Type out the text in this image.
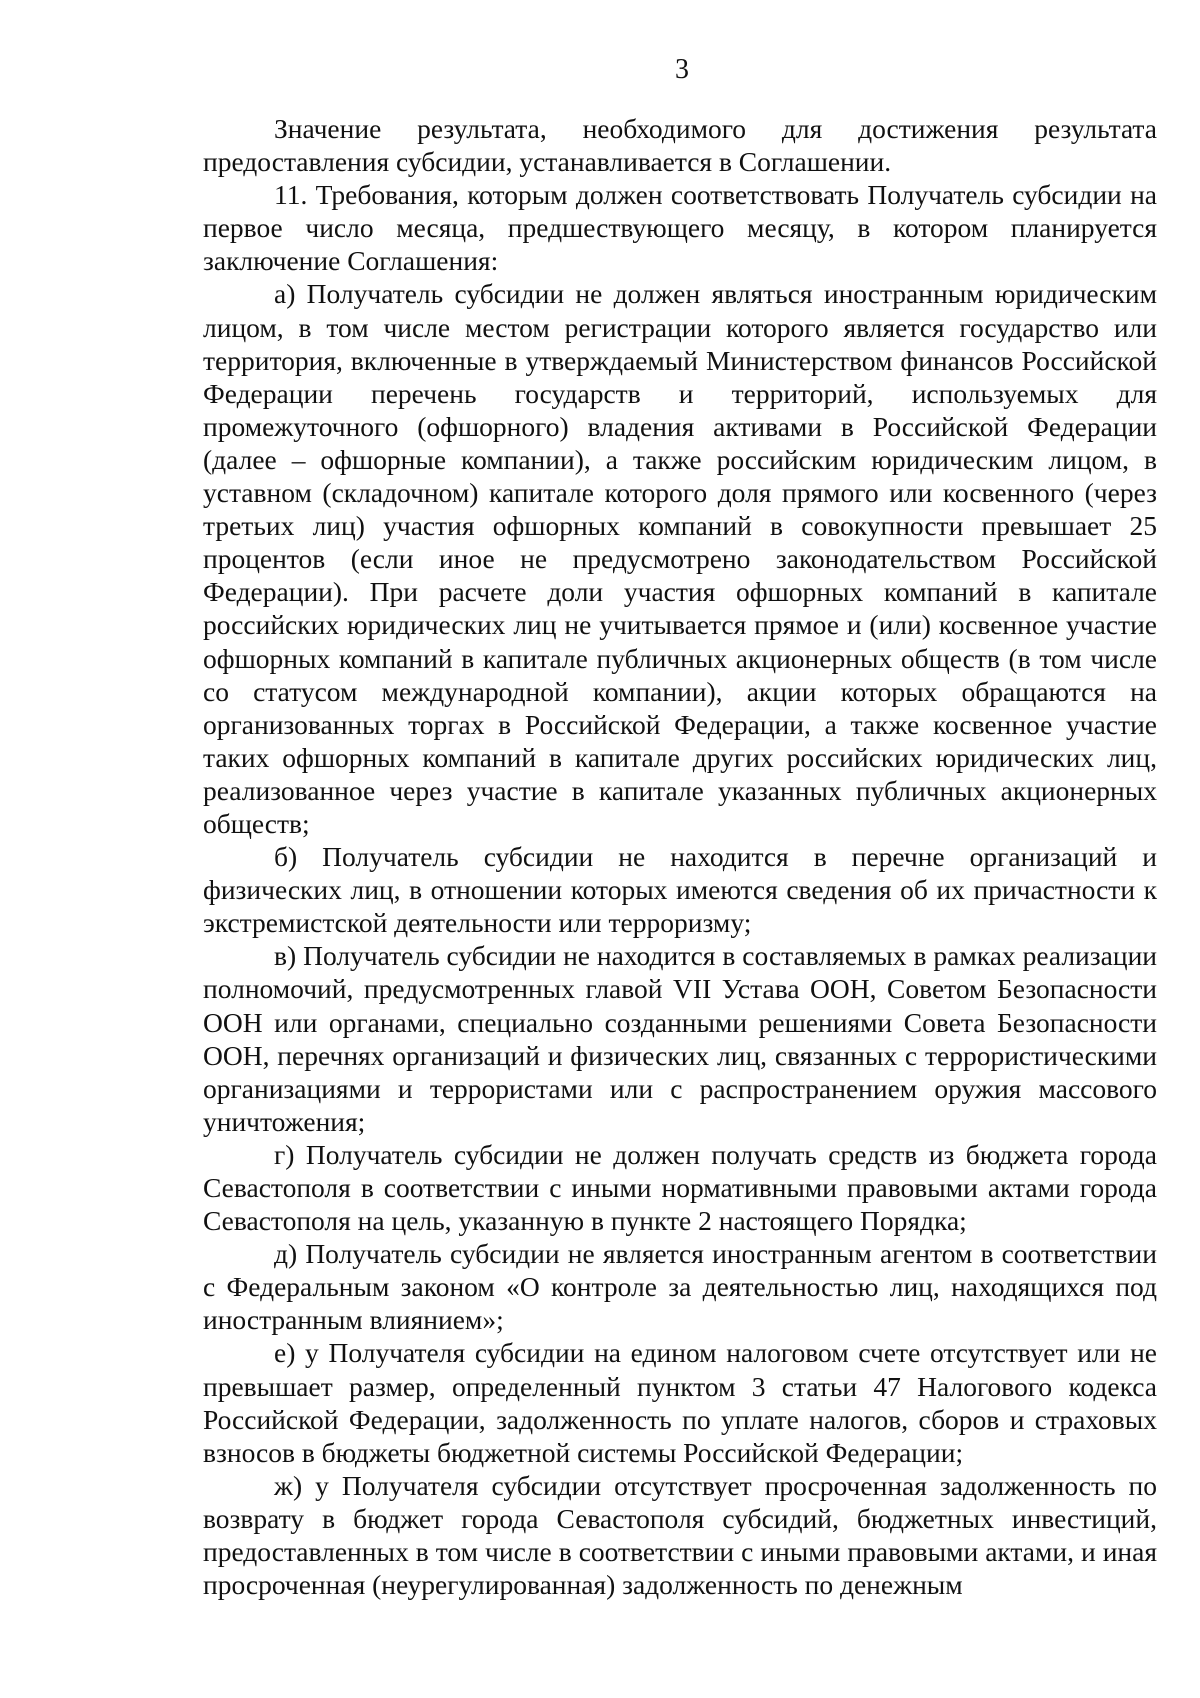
3

Значение результата, необходимого для достижения результата предоставления субсидии, устанавливается в Соглашении.

11. Требования, которым должен соответствовать Получатель субсидии на первое число месяца, предшествующего месяцу, в котором планируется заключение Соглашения:

а) Получатель субсидии не должен являться иностранным юридическим лицом, в том числе местом регистрации которого является государство или территория, включенные в утверждаемый Министерством финансов Российской Федерации перечень государств и территорий, используемых для промежуточного (офшорного) владения активами в Российской Федерации (далее – офшорные компании), а также российским юридическим лицом, в уставном (складочном) капитале которого доля прямого или косвенного (через третьих лиц) участия офшорных компаний в совокупности превышает 25 процентов (если иное не предусмотрено законодательством Российской Федерации). При расчете доли участия офшорных компаний в капитале российских юридических лиц не учитывается прямое и (или) косвенное участие офшорных компаний в капитале публичных акционерных обществ (в том числе со статусом международной компании), акции которых обращаются на организованных торгах в Российской Федерации, а также косвенное участие таких офшорных компаний в капитале других российских юридических лиц, реализованное через участие в капитале указанных публичных акционерных обществ;

б) Получатель субсидии не находится в перечне организаций и физических лиц, в отношении которых имеются сведения об их причастности к экстремистской деятельности или терроризму;

в) Получатель субсидии не находится в составляемых в рамках реализации полномочий, предусмотренных главой VII Устава ООН, Советом Безопасности ООН или органами, специально созданными решениями Совета Безопасности ООН, перечнях организаций и физических лиц, связанных с террористическими организациями и террористами или с распространением оружия массового уничтожения;

г) Получатель субсидии не должен получать средств из бюджета города Севастополя в соответствии с иными нормативными правовыми актами города Севастополя на цель, указанную в пункте 2 настоящего Порядка;

д) Получатель субсидии не является иностранным агентом в соответствии с Федеральным законом «О контроле за деятельностью лиц, находящихся под иностранным влиянием»;

е) у Получателя субсидии на едином налоговом счете отсутствует или не превышает размер, определенный пунктом 3 статьи 47 Налогового кодекса Российской Федерации, задолженность по уплате налогов, сборов и страховых взносов в бюджеты бюджетной системы Российской Федерации;

ж) у Получателя субсидии отсутствует просроченная задолженность по возврату в бюджет города Севастополя субсидий, бюджетных инвестиций, предоставленных в том числе в соответствии с иными правовыми актами, и иная просроченная (неурегулированная) задолженность по денежным
